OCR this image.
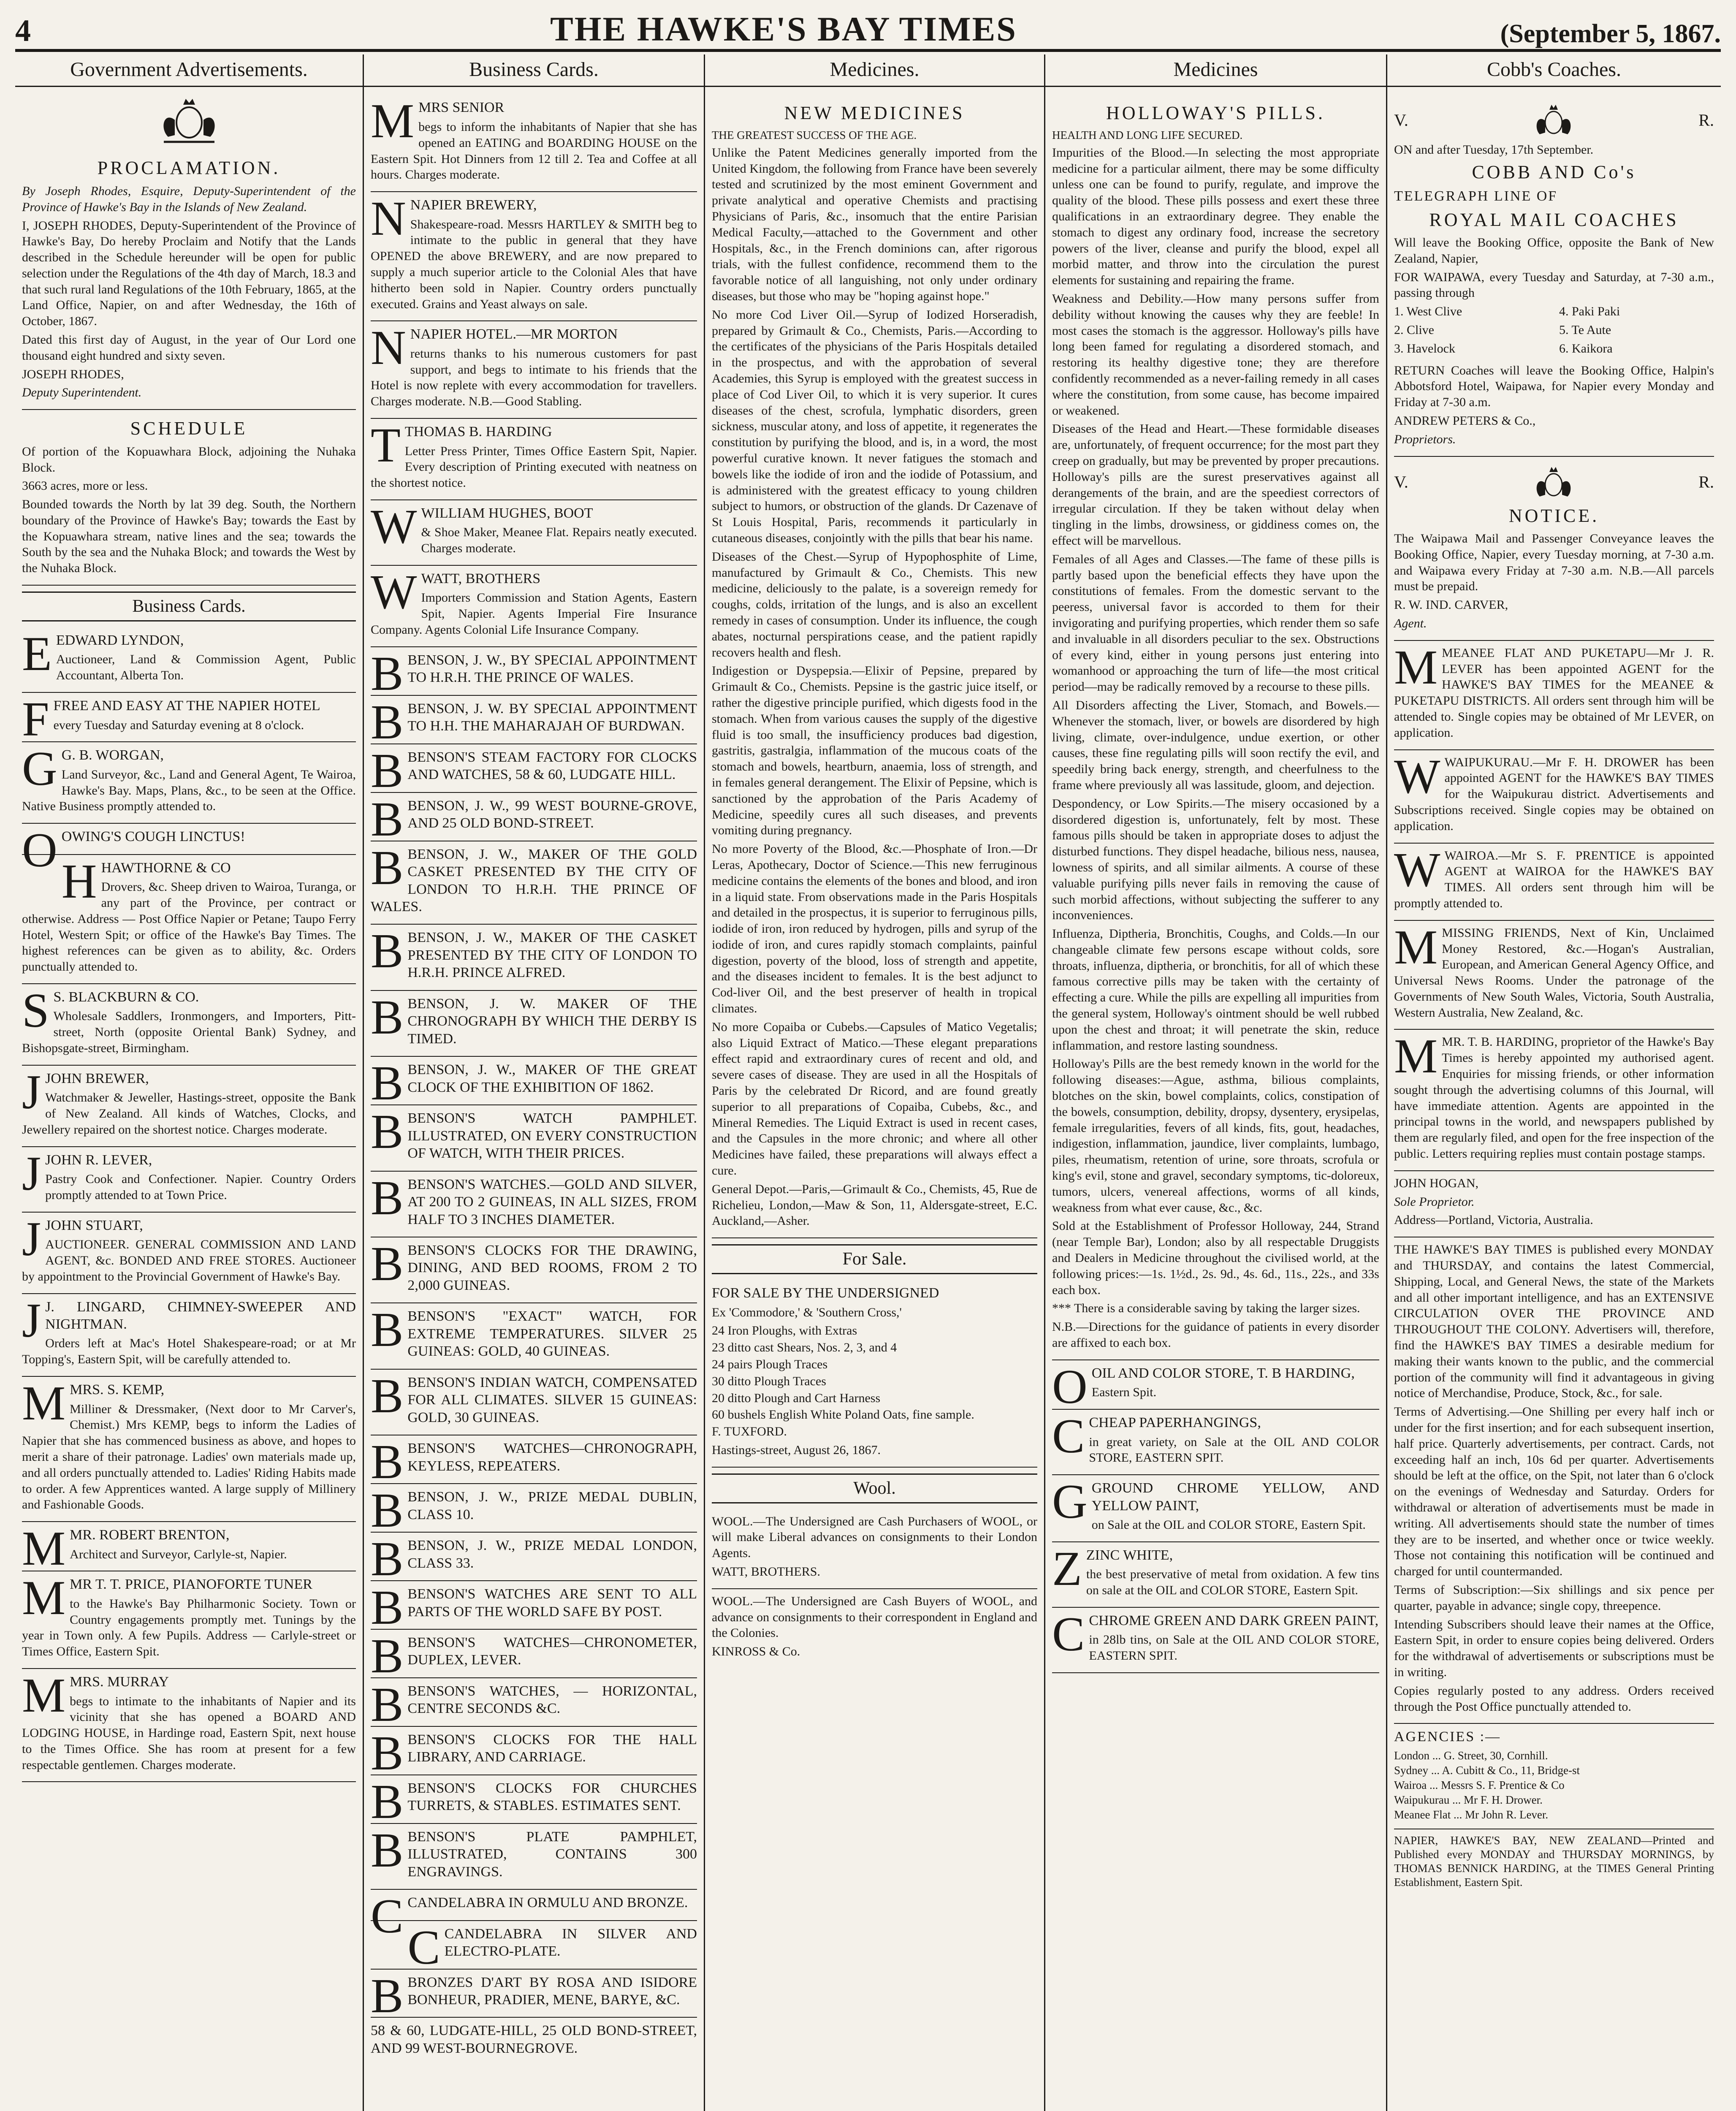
4	THE HAWKE'S BAY TIMES	(September 5, 1867.
Government Advertisements.
PROCLAMATION.

By Joseph Rhodes, Esquire, Deputy-Superintendent of the Province of Hawke's Bay in the Islands of New Zealand.

I, JOSEPH RHODES, Deputy-Superintendent of the Province of Hawke's Bay, Do hereby Proclaim and Notify that the Lands described in the Schedule hereunder will be open for public selection under the Regulations of the 4th day of March, 18.3 and that such rural land Regulations of the 10th February, 1865, at the Land Office, Napier, on and after Wednesday, the 16th of October, 1867.

Dated this first day of August, in the year of Our Lord one thousand eight hundred and sixty seven.

JOSEPH RHODES,

Deputy Superintendent.

SCHEDULE

Of portion of the Kopuawhara Block, adjoining the Nuhaka Block.

3663 acres, more or less.

Bounded towards the North by lat 39 deg. South, the Northern boundary of the Province of Hawke's Bay; towards the East by the Kopuawhara stream, native lines and the sea; towards the South by the sea and the Nuhaka Block; and towards the West by the Nuhaka Block.

Business Cards.
E EDWARD LYNDON,

Auctioneer, Land & Commission Agent, Public Accountant, Alberta Ton.

F FREE AND EASY AT THE NAPIER HOTEL

every Tuesday and Saturday evening at 8 o'clock.

G G. B. WORGAN,

Land Surveyor, &c., Land and General Agent, Te Wairoa, Hawke's Bay. Maps, Plans, &c., to be seen at the Office. Native Business promptly attended to.

O OWING'S COUGH LINCTUS!

H HAWTHORNE & CO

Drovers, &c. Sheep driven to Wairoa, Turanga, or any part of the Province, per contract or otherwise. Address — Post Office Napier or Petane; Taupo Ferry Hotel, Western Spit; or office of the Hawke's Bay Times. The highest references can be given as to ability, &c. Orders punctually attended to.

S S. BLACKBURN & CO.

Wholesale Saddlers, Ironmongers, and Importers, Pitt-street, North (opposite Oriental Bank) Sydney, and Bishopsgate-street, Birmingham.

J JOHN BREWER,

Watchmaker & Jeweller, Hastings-street, opposite the Bank of New Zealand. All kinds of Watches, Clocks, and Jewellery repaired on the shortest notice. Charges moderate.

J JOHN R. LEVER,

Pastry Cook and Confectioner. Napier. Country Orders promptly attended to at Town Price.

J JOHN STUART,

AUCTIONEER. GENERAL COMMISSION AND LAND AGENT, &c. BONDED AND FREE STORES. Auctioneer by appointment to the Provincial Government of Hawke's Bay.

J J. LINGARD, CHIMNEY-SWEEPER AND NIGHTMAN.

Orders left at Mac's Hotel Shakespeare-road; or at Mr Topping's, Eastern Spit, will be carefully attended to.

M MRS. S. KEMP,

Milliner & Dressmaker, (Next door to Mr Carver's, Chemist.) Mrs KEMP, begs to inform the Ladies of Napier that she has commenced business as above, and hopes to merit a share of their patronage. Ladies' own materials made up, and all orders punctually attended to. Ladies' Riding Habits made to order. A few Apprentices wanted. A large supply of Millinery and Fashionable Goods.

M MR. ROBERT BRENTON,

Architect and Surveyor, Carlyle-st, Napier.

M MR T. T. PRICE, PIANOFORTE TUNER

to the Hawke's Bay Philharmonic Society. Town or Country engagements promptly met. Tunings by the year in Town only. A few Pupils. Address — Carlyle-street or Times Office, Eastern Spit.

M MRS. MURRAY

begs to intimate to the inhabitants of Napier and its vicinity that she has opened a BOARD AND LODGING HOUSE, in Hardinge road, Eastern Spit, next house to the Times Office. She has room at present for a few respectable gentlemen. Charges moderate.

Business Cards.
M MRS SENIOR

begs to inform the inhabitants of Napier that she has opened an EATING and BOARDING HOUSE on the Eastern Spit. Hot Dinners from 12 till 2. Tea and Coffee at all hours. Charges moderate.

N NAPIER BREWERY,

Shakespeare-road. Messrs HARTLEY & SMITH beg to intimate to the public in general that they have OPENED the above BREWERY, and are now prepared to supply a much superior article to the Colonial Ales that have hitherto been sold in Napier. Country orders punctually executed. Grains and Yeast always on sale.

N NAPIER HOTEL.—MR MORTON

returns thanks to his numerous customers for past support, and begs to intimate to his friends that the Hotel is now replete with every accommodation for travellers. Charges moderate. N.B.—Good Stabling.

T THOMAS B. HARDING

Letter Press Printer, Times Office Eastern Spit, Napier. Every description of Printing executed with neatness on the shortest notice.

W WILLIAM HUGHES, BOOT

& Shoe Maker, Meanee Flat. Repairs neatly executed. Charges moderate.

W WATT, BROTHERS

Importers Commission and Station Agents, Eastern Spit, Napier. Agents Imperial Fire Insurance Company. Agents Colonial Life Insurance Company.

B BENSON, J. W., BY SPECIAL APPOINTMENT TO H.R.H. THE PRINCE OF WALES.

B BENSON, J. W. BY SPECIAL APPOINTMENT TO H.H. THE MAHARAJAH OF BURDWAN.

B BENSON'S STEAM FACTORY FOR CLOCKS AND WATCHES, 58 & 60, LUDGATE HILL.

B BENSON, J. W., 99 WEST BOURNE-GROVE, AND 25 OLD BOND-STREET.

B BENSON, J. W., MAKER OF THE GOLD CASKET PRESENTED BY THE CITY OF LONDON TO H.R.H. THE PRINCE OF WALES.

B BENSON, J. W., MAKER OF THE CASKET PRESENTED BY THE CITY OF LONDON TO H.R.H. PRINCE ALFRED.

B BENSON, J. W. MAKER OF THE CHRONOGRAPH BY WHICH THE DERBY IS TIMED.

B BENSON, J. W., MAKER OF THE GREAT CLOCK OF THE EXHIBITION OF 1862.

B BENSON'S WATCH PAMPHLET. ILLUSTRATED, ON EVERY CONSTRUCTION OF WATCH, WITH THEIR PRICES.

B BENSON'S WATCHES.—GOLD AND SILVER, AT 200 TO 2 GUINEAS, IN ALL SIZES, FROM HALF TO 3 INCHES DIAMETER.

B BENSON'S CLOCKS FOR THE DRAWING, DINING, AND BED ROOMS, FROM 2 TO 2,000 GUINEAS.

B BENSON'S "EXACT" WATCH, FOR EXTREME TEMPERATURES. SILVER 25 GUINEAS: GOLD, 40 GUINEAS.

B BENSON'S INDIAN WATCH, COMPENSATED FOR ALL CLIMATES. SILVER 15 GUINEAS: GOLD, 30 GUINEAS.

B BENSON'S WATCHES—CHRONOGRAPH, KEYLESS, REPEATERS.

B BENSON, J. W., PRIZE MEDAL DUBLIN, CLASS 10.

B BENSON, J. W., PRIZE MEDAL LONDON, CLASS 33.

B BENSON'S WATCHES ARE SENT TO ALL PARTS OF THE WORLD SAFE BY POST.

B BENSON'S WATCHES—CHRONOMETER, DUPLEX, LEVER.

B BENSON'S WATCHES, — HORIZONTAL, CENTRE SECONDS &C.

B BENSON'S CLOCKS FOR THE HALL LIBRARY, AND CARRIAGE.

B BENSON'S CLOCKS FOR CHURCHES TURRETS, & STABLES. ESTIMATES SENT.

B BENSON'S PLATE PAMPHLET, ILLUSTRATED, CONTAINS 300 ENGRAVINGS.

C CANDELABRA IN ORMULU AND BRONZE.

C CANDELABRA IN SILVER AND ELECTRO-PLATE.

B BRONZES D'ART BY ROSA AND ISIDORE BONHEUR, PRADIER, MENE, BARYE, &C.

58 & 60, LUDGATE-HILL, 25 OLD BOND-STREET, AND 99 WEST-BOURNEGROVE.

Medicines.
NEW MEDICINES

THE GREATEST SUCCESS OF THE AGE.

Unlike the Patent Medicines generally imported from the United Kingdom, the following from France have been severely tested and scrutinized by the most eminent Government and private analytical and operative Chemists and practising Physicians of Paris, &c., insomuch that the entire Parisian Medical Faculty,—attached to the Government and other Hospitals, &c., in the French dominions can, after rigorous trials, with the fullest confidence, recommend them to the favorable notice of all languishing, not only under ordinary diseases, but those who may be "hoping against hope."

No more Cod Liver Oil.—Syrup of Iodized Horseradish, prepared by Grimault & Co., Chemists, Paris.—According to the certificates of the physicians of the Paris Hospitals detailed in the prospectus, and with the approbation of several Academies, this Syrup is employed with the greatest success in place of Cod Liver Oil, to which it is very superior. It cures diseases of the chest, scrofula, lymphatic disorders, green sickness, muscular atony, and loss of appetite, it regenerates the constitution by purifying the blood, and is, in a word, the most powerful curative known. It never fatigues the stomach and bowels like the iodide of iron and the iodide of Potassium, and is administered with the greatest efficacy to young children subject to humors, or obstruction of the glands. Dr Cazenave of St Louis Hospital, Paris, recommends it particularly in cutaneous diseases, conjointly with the pills that bear his name.

Diseases of the Chest.—Syrup of Hypophosphite of Lime, manufactured by Grimault & Co., Chemists. This new medicine, deliciously to the palate, is a sovereign remedy for coughs, colds, irritation of the lungs, and is also an excellent remedy in cases of consumption. Under its influence, the cough abates, nocturnal perspirations cease, and the patient rapidly recovers health and flesh.

Indigestion or Dyspepsia.—Elixir of Pepsine, prepared by Grimault & Co., Chemists. Pepsine is the gastric juice itself, or rather the digestive principle purified, which digests food in the stomach. When from various causes the supply of the digestive fluid is too small, the insufficiency produces bad digestion, gastritis, gastralgia, inflammation of the mucous coats of the stomach and bowels, heartburn, anaemia, loss of strength, and in females general derangement. The Elixir of Pepsine, which is sanctioned by the approbation of the Paris Academy of Medicine, speedily cures all such diseases, and prevents vomiting during pregnancy.

No more Poverty of the Blood, &c.—Phosphate of Iron.—Dr Leras, Apothecary, Doctor of Science.—This new ferruginous medicine contains the elements of the bones and blood, and iron in a liquid state. From observations made in the Paris Hospitals and detailed in the prospectus, it is superior to ferruginous pills, iodide of iron, iron reduced by hydrogen, pills and syrup of the iodide of iron, and cures rapidly stomach complaints, painful digestion, poverty of the blood, loss of strength and appetite, and the diseases incident to females. It is the best adjunct to Cod-liver Oil, and the best preserver of health in tropical climates.

No more Copaiba or Cubebs.—Capsules of Matico Vegetalis; also Liquid Extract of Matico.—These elegant preparations effect rapid and extraordinary cures of recent and old, and severe cases of disease. They are used in all the Hospitals of Paris by the celebrated Dr Ricord, and are found greatly superior to all preparations of Copaiba, Cubebs, &c., and Mineral Remedies. The Liquid Extract is used in recent cases, and the Capsules in the more chronic; and where all other Medicines have failed, these preparations will always effect a cure.

General Depot.—Paris,—Grimault & Co., Chemists, 45, Rue de Richelieu, London,—Maw & Son, 11, Aldersgate-street, E.C. Auckland,—Asher.

For Sale.

FOR SALE BY THE UNDERSIGNED

Ex 'Commodore,' & 'Southern Cross,'

24 Iron Ploughs, with Extras

23 ditto cast Shears, Nos. 2, 3, and 4

24 pairs Plough Traces

30 ditto Plough Traces

20 ditto Plough and Cart Harness

60 bushels English White Poland Oats, fine sample.

F. TUXFORD.

Hastings-street, August 26, 1867.

Wool.

WOOL.—The Undersigned are Cash Purchasers of WOOL, or will make Liberal advances on consignments to their London Agents.

WATT, BROTHERS.

WOOL.—The Undersigned are Cash Buyers of WOOL, and advance on consignments to their correspondent in England and the Colonies.

KINROSS & Co.

Medicines
HOLLOWAY'S PILLS.

HEALTH AND LONG LIFE SECURED.

Impurities of the Blood.—In selecting the most appropriate medicine for a particular ailment, there may be some difficulty unless one can be found to purify, regulate, and improve the quality of the blood. These pills possess and exert these three qualifications in an extraordinary degree. They enable the stomach to digest any ordinary food, increase the secretory powers of the liver, cleanse and purify the blood, expel all morbid matter, and throw into the circulation the purest elements for sustaining and repairing the frame.

Weakness and Debility.—How many persons suffer from debility without knowing the causes why they are feeble! In most cases the stomach is the aggressor. Holloway's pills have long been famed for regulating a disordered stomach, and restoring its healthy digestive tone; they are therefore confidently recommended as a never-failing remedy in all cases where the constitution, from some cause, has become impaired or weakened.

Diseases of the Head and Heart.—These formidable diseases are, unfortunately, of frequent occurrence; for the most part they creep on gradually, but may be prevented by proper precautions. Holloway's pills are the surest preservatives against all derangements of the brain, and are the speediest correctors of irregular circulation. If they be taken without delay when tingling in the limbs, drowsiness, or giddiness comes on, the effect will be marvellous.

Females of all Ages and Classes.—The fame of these pills is partly based upon the beneficial effects they have upon the constitutions of females. From the domestic servant to the peeress, universal favor is accorded to them for their invigorating and purifying properties, which render them so safe and invaluable in all disorders peculiar to the sex. Obstructions of every kind, either in young persons just entering into womanhood or approaching the turn of life—the most critical period—may be radically removed by a recourse to these pills.

All Disorders affecting the Liver, Stomach, and Bowels.—Whenever the stomach, liver, or bowels are disordered by high living, climate, over-indulgence, undue exertion, or other causes, these fine regulating pills will soon rectify the evil, and speedily bring back energy, strength, and cheerfulness to the frame where previously all was lassitude, gloom, and dejection.

Despondency, or Low Spirits.—The misery occasioned by a disordered digestion is, unfortunately, felt by most. These famous pills should be taken in appropriate doses to adjust the disturbed functions. They dispel headache, bilious ness, nausea, lowness of spirits, and all similar ailments. A course of these valuable purifying pills never fails in removing the cause of such morbid affections, without subjecting the sufferer to any inconveniences.

Influenza, Diptheria, Bronchitis, Coughs, and Colds.—In our changeable climate few persons escape without colds, sore throats, influenza, diptheria, or bronchitis, for all of which these famous corrective pills may be taken with the certainty of effecting a cure. While the pills are expelling all impurities from the general system, Holloway's ointment should be well rubbed upon the chest and throat; it will penetrate the skin, reduce inflammation, and restore lasting soundness.

Holloway's Pills are the best remedy known in the world for the following diseases:—Ague, asthma, bilious complaints, blotches on the skin, bowel complaints, colics, constipation of the bowels, consumption, debility, dropsy, dysentery, erysipelas, female irregularities, fevers of all kinds, fits, gout, headaches, indigestion, inflammation, jaundice, liver complaints, lumbago, piles, rheumatism, retention of urine, sore throats, scrofula or king's evil, stone and gravel, secondary symptoms, tic-doloreux, tumors, ulcers, venereal affections, worms of all kinds, weakness from what ever cause, &c., &c.

Sold at the Establishment of Professor Holloway, 244, Strand (near Temple Bar), London; also by all respectable Druggists and Dealers in Medicine throughout the civilised world, at the following prices:—1s. 1½d., 2s. 9d., 4s. 6d., 11s., 22s., and 33s each box.

*** There is a considerable saving by taking the larger sizes.

N.B.—Directions for the guidance of patients in every disorder are affixed to each box.

O OIL AND COLOR STORE, T. B HARDING,

Eastern Spit.

C CHEAP PAPERHANGINGS,

in great variety, on Sale at the OIL AND COLOR STORE, EASTERN SPIT.

G GROUND CHROME YELLOW, AND YELLOW PAINT,

on Sale at the OIL and COLOR STORE, Eastern Spit.

Z ZINC WHITE,

the best preservative of metal from oxidation. A few tins on sale at the OIL and COLOR STORE, Eastern Spit.

C CHROME GREEN AND DARK GREEN PAINT,

in 28lb tins, on Sale at the OIL AND COLOR STORE, EASTERN SPIT.

Cobb's Coaches.
V.	R.

ON and after Tuesday, 17th September.

COBB AND Co's

TELEGRAPH LINE OF

ROYAL MAIL COACHES

Will leave the Booking Office, opposite the Bank of New Zealand, Napier,

FOR WAIPAWA, every Tuesday and Saturday, at 7-30 a.m., passing through

1. West Clive	4. Paki Paki

2. Clive	5. Te Aute

3. Havelock	6. Kaikora

RETURN Coaches will leave the Booking Office, Halpin's Abbotsford Hotel, Waipawa, for Napier every Monday and Friday at 7-30 a.m.

ANDREW PETERS & Co.,

Proprietors.

V.	R.
NOTICE.

The Waipawa Mail and Passenger Conveyance leaves the Booking Office, Napier, every Tuesday morning, at 7-30 a.m. and Waipawa every Friday at 7-30 a.m. N.B.—All parcels must be prepaid.

R. W. IND. CARVER,

Agent.

M MEANEE FLAT AND PUKETAPU—Mr J. R. LEVER has been appointed AGENT for the HAWKE'S BAY TIMES for the MEANEE & PUKETAPU DISTRICTS. All orders sent through him will be attended to. Single copies may be obtained of Mr LEVER, on application.

W WAIPUKURAU.—Mr F. H. DROWER has been appointed AGENT for the HAWKE'S BAY TIMES for the Waipukurau district. Advertisements and Subscriptions received. Single copies may be obtained on application.

W WAIROA.—Mr S. F. PRENTICE is appointed AGENT at WAIROA for the HAWKE'S BAY TIMES. All orders sent through him will be promptly attended to.

M MISSING FRIENDS, Next of Kin, Unclaimed Money Restored, &c.—Hogan's Australian, European, and American General Agency Office, and Universal News Rooms. Under the patronage of the Governments of New South Wales, Victoria, South Australia, Western Australia, New Zealand, &c.

M MR. T. B. HARDING, proprietor of the Hawke's Bay Times is hereby appointed my authorised agent. Enquiries for missing friends, or other information sought through the advertising columns of this Journal, will have immediate attention. Agents are appointed in the principal towns in the world, and newspapers published by them are regularly filed, and open for the free inspection of the public. Letters requiring replies must contain postage stamps.

JOHN HOGAN,

Sole Proprietor.

Address—Portland, Victoria, Australia.

THE HAWKE'S BAY TIMES is published every MONDAY and THURSDAY, and contains the latest Commercial, Shipping, Local, and General News, the state of the Markets and all other important intelligence, and has an EXTENSIVE CIRCULATION OVER THE PROVINCE AND THROUGHOUT THE COLONY. Advertisers will, therefore, find the HAWKE'S BAY TIMES a desirable medium for making their wants known to the public, and the commercial portion of the community will find it advantageous in giving notice of Merchandise, Produce, Stock, &c., for sale.

Terms of Advertising.—One Shilling per every half inch or under for the first insertion; and for each subsequent insertion, half price. Quarterly advertisements, per contract. Cards, not exceeding half an inch, 10s 6d per quarter. Advertisements should be left at the office, on the Spit, not later than 6 o'clock on the evenings of Wednesday and Saturday. Orders for withdrawal or alteration of advertisements must be made in writing. All advertisements should state the number of times they are to be inserted, and whether once or twice weekly. Those not containing this notification will be continued and charged for until countermanded.

Terms of Subscription:—Six shillings and six pence per quarter, payable in advance; single copy, threepence.

Intending Subscribers should leave their names at the Office, Eastern Spit, in order to ensure copies being delivered. Orders for the withdrawal of advertisements or subscriptions must be in writing.

Copies regularly posted to any address. Orders received through the Post Office punctually attended to.

AGENCIES :—

London ... G. Street, 30, Cornhill.

Sydney ... A. Cubitt & Co., 11, Bridge-st

Wairoa ... Messrs S. F. Prentice & Co

Waipukurau ... Mr F. H. Drower.

Meanee Flat ... Mr John R. Lever.

NAPIER, HAWKE'S BAY, NEW ZEALAND—Printed and Published every MONDAY and THURSDAY MORNINGS, by THOMAS BENNICK HARDING, at the TIMES General Printing Establishment, Eastern Spit.
